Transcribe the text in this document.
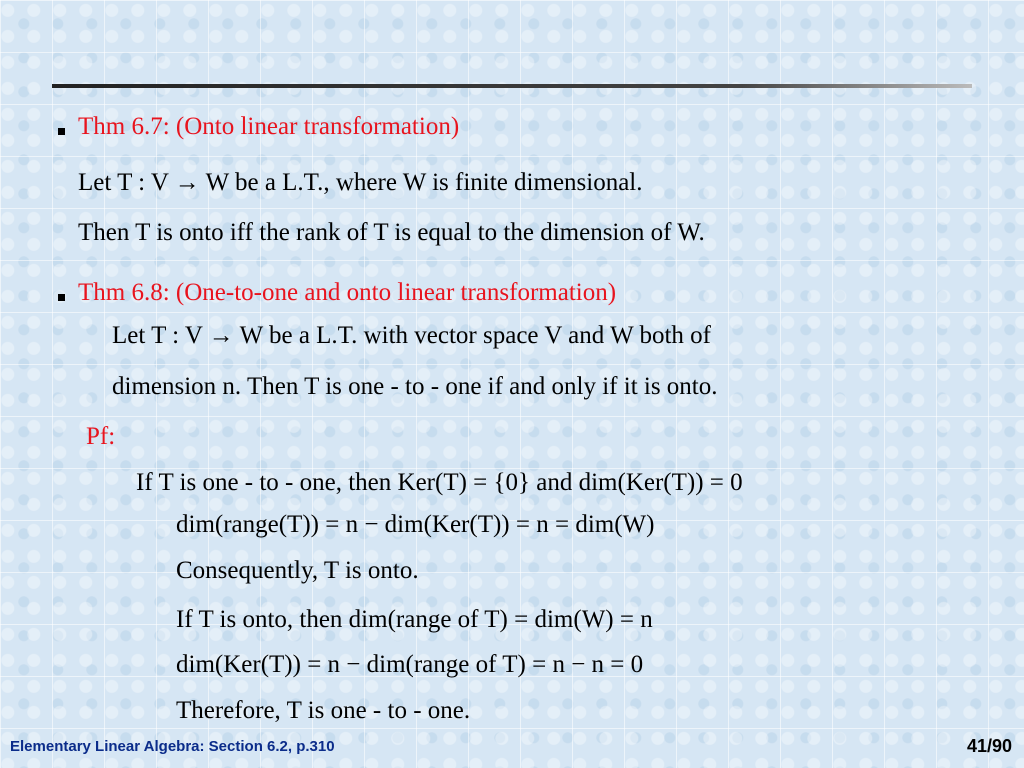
Thm 6.7: (Onto linear transformation)
Let T : V → W be a L.T., where W is finite dimensional.
Then T is onto iff the rank of T is equal to the dimension of W.
Thm 6.8: (One-to-one and onto linear transformation)
Let T : V → W be a L.T. with vector space V and W both of
dimension n. Then T is one - to - one if and only if it is onto.
Pf:
If T is one - to - one, then Ker(T) = {0} and dim(Ker(T)) = 0
dim(range(T)) = n − dim(Ker(T)) = n = dim(W)
Consequently, T is onto.
If T is onto, then dim(range of T) = dim(W) = n
dim(Ker(T)) = n − dim(range of T) = n − n = 0
Therefore, T is one - to - one.
Elementary Linear Algebra: Section 6.2, p.310	41/90
